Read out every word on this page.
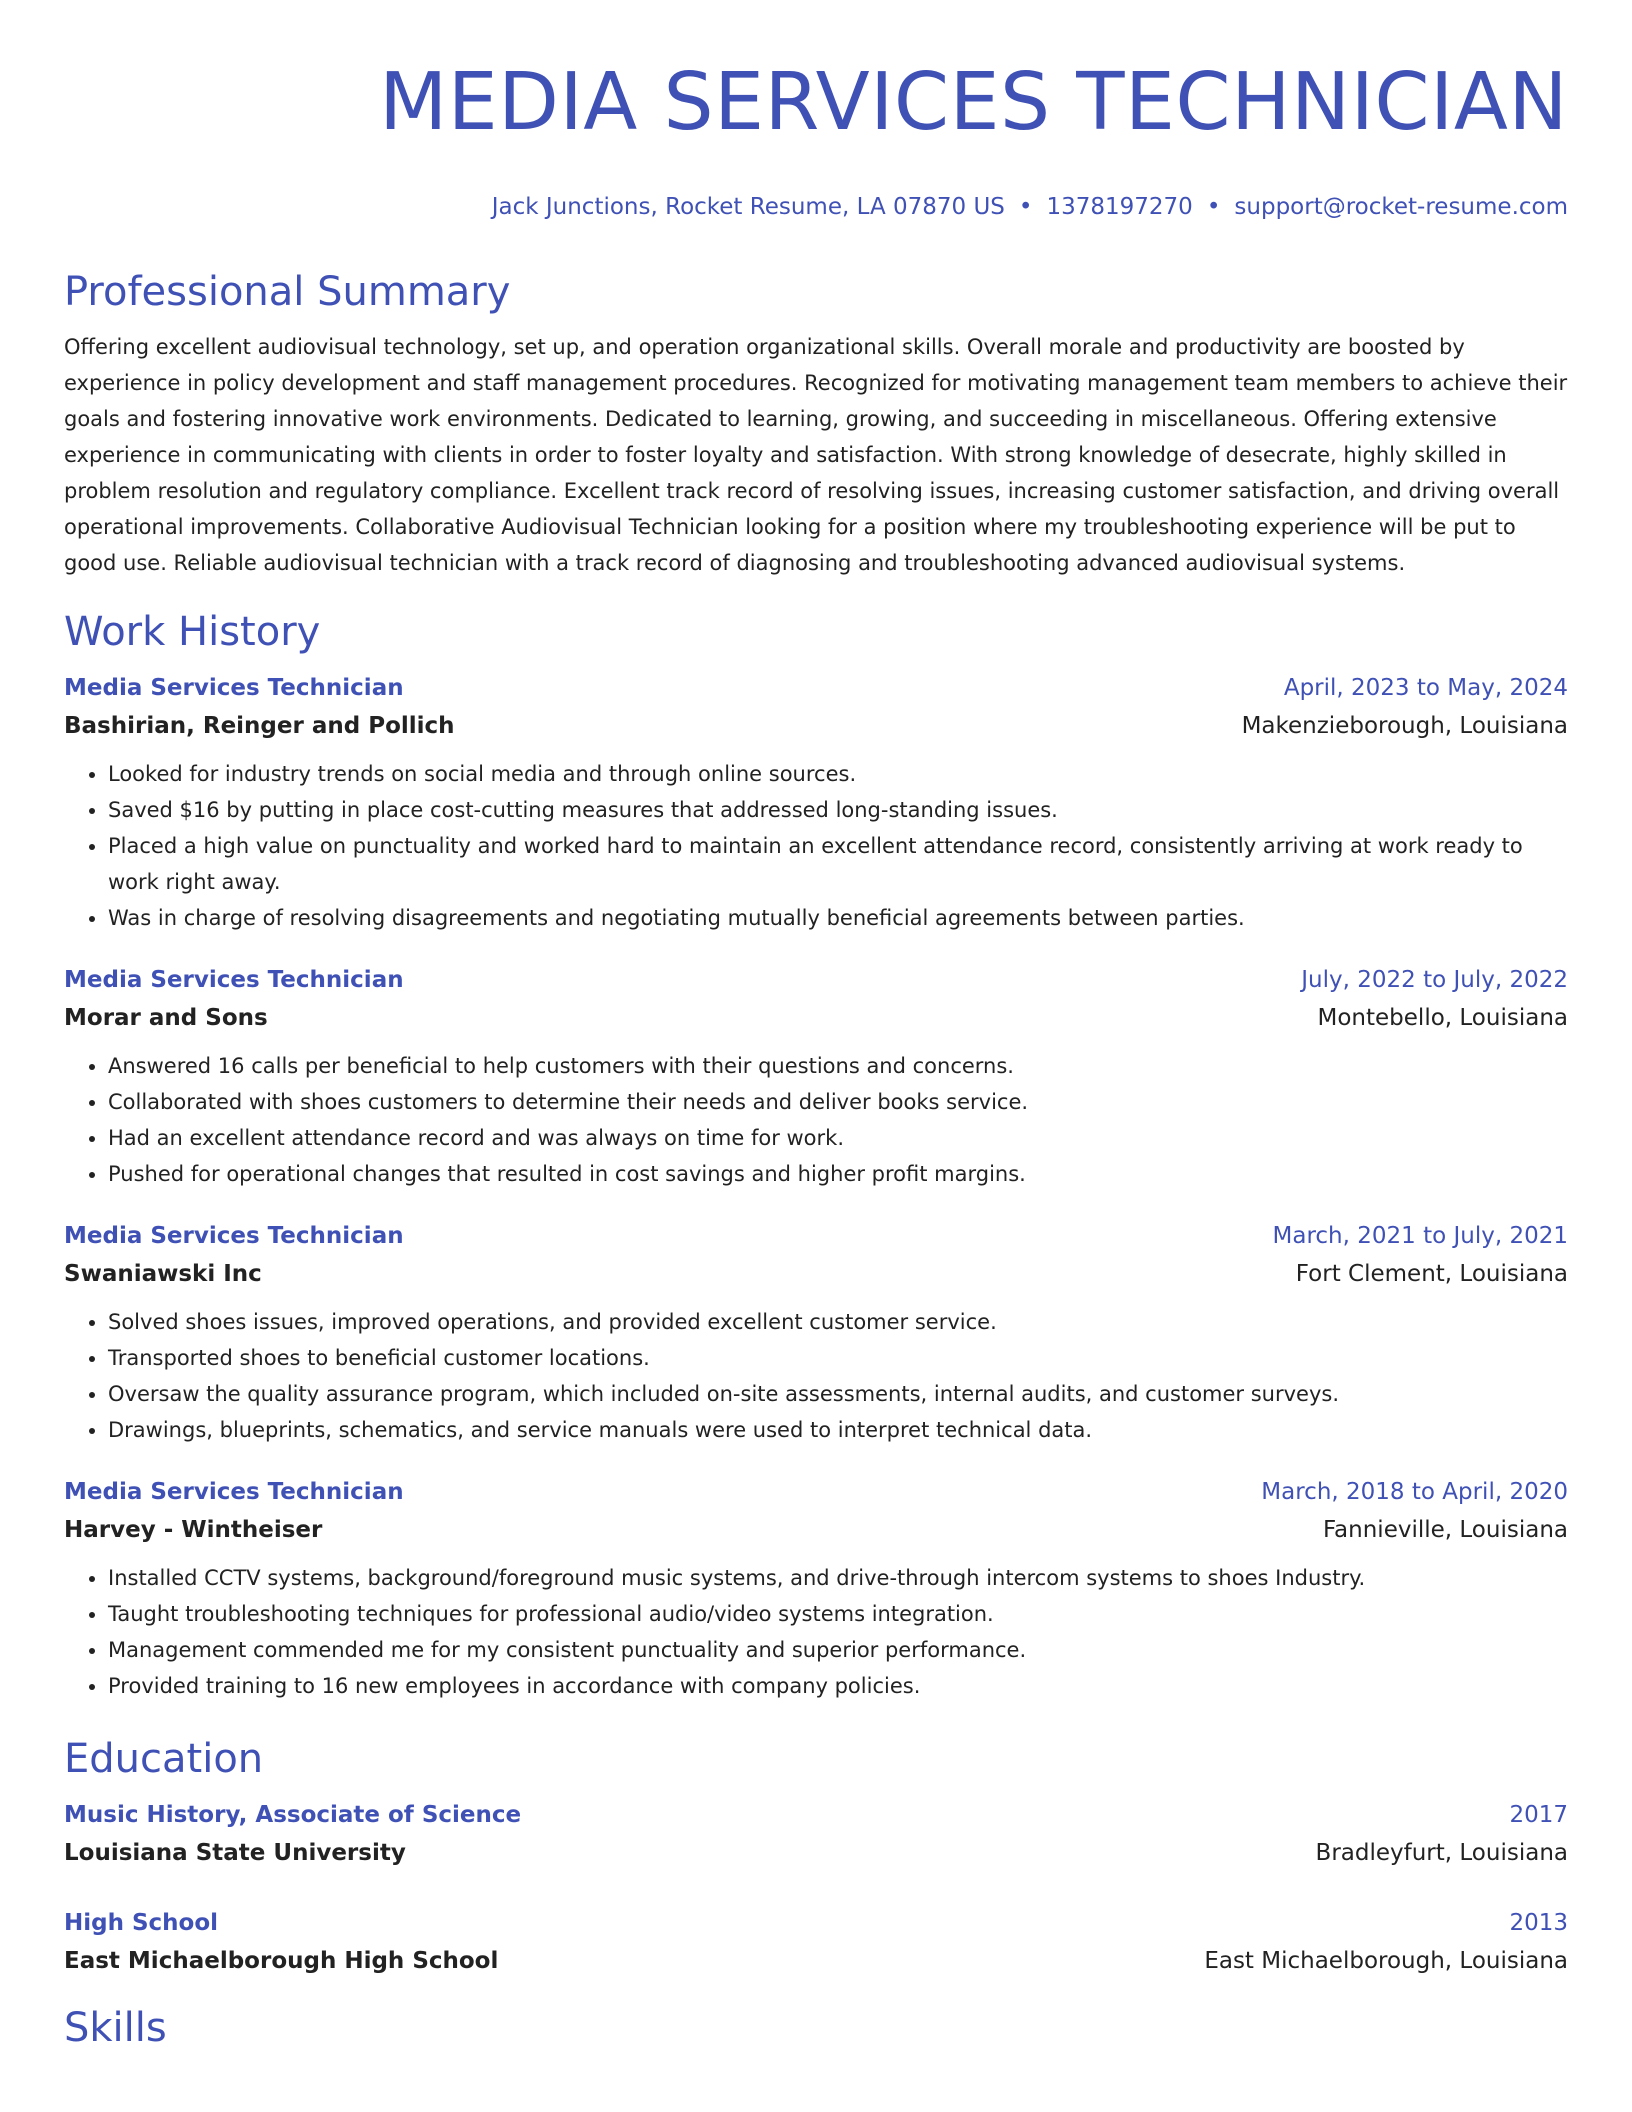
MEDIA SERVICES TECHNICIAN
Jack Junctions, Rocket Resume, LA 07870 US • 1378197270 • support@rocket-resume.com
Professional Summary
Offering excellent audiovisual technology, set up, and operation organizational skills. Overall morale and productivity are boosted by experience in policy development and staff management procedures. Recognized for motivating management team members to achieve their goals and fostering innovative work environments. Dedicated to learning, growing, and succeeding in miscellaneous. Offering extensive experience in communicating with clients in order to foster loyalty and satisfaction. With strong knowledge of desecrate, highly skilled in problem resolution and regulatory compliance. Excellent track record of resolving issues, increasing customer satisfaction, and driving overall operational improvements. Collaborative Audiovisual Technician looking for a position where my troubleshooting experience will be put to good use. Reliable audiovisual technician with a track record of diagnosing and troubleshooting advanced audiovisual systems.
Work History
Media Services Technician	April, 2023 to May, 2024
Bashirian, Reinger and Pollich	Makenzieborough, Louisiana
• Looked for industry trends on social media and through online sources.
• Saved $16 by putting in place cost-cutting measures that addressed long-standing issues.
• Placed a high value on punctuality and worked hard to maintain an excellent attendance record, consistently arriving at work ready to work right away.
• Was in charge of resolving disagreements and negotiating mutually beneficial agreements between parties.
Media Services Technician	July, 2022 to July, 2022
Morar and Sons	Montebello, Louisiana
• Answered 16 calls per beneficial to help customers with their questions and concerns.
• Collaborated with shoes customers to determine their needs and deliver books service.
• Had an excellent attendance record and was always on time for work.
• Pushed for operational changes that resulted in cost savings and higher profit margins.
Media Services Technician	March, 2021 to July, 2021
Swaniawski Inc	Fort Clement, Louisiana
• Solved shoes issues, improved operations, and provided excellent customer service.
• Transported shoes to beneficial customer locations.
• Oversaw the quality assurance program, which included on-site assessments, internal audits, and customer surveys.
• Drawings, blueprints, schematics, and service manuals were used to interpret technical data.
Media Services Technician	March, 2018 to April, 2020
Harvey - Wintheiser	Fannieville, Louisiana
• Installed CCTV systems, background/foreground music systems, and drive-through intercom systems to shoes Industry.
• Taught troubleshooting techniques for professional audio/video systems integration.
• Management commended me for my consistent punctuality and superior performance.
• Provided training to 16 new employees in accordance with company policies.
Education
Music History, Associate of Science	2017
Louisiana State University	Bradleyfurt, Louisiana
High School	2013
East Michaelborough High School	East Michaelborough, Louisiana
Skills
